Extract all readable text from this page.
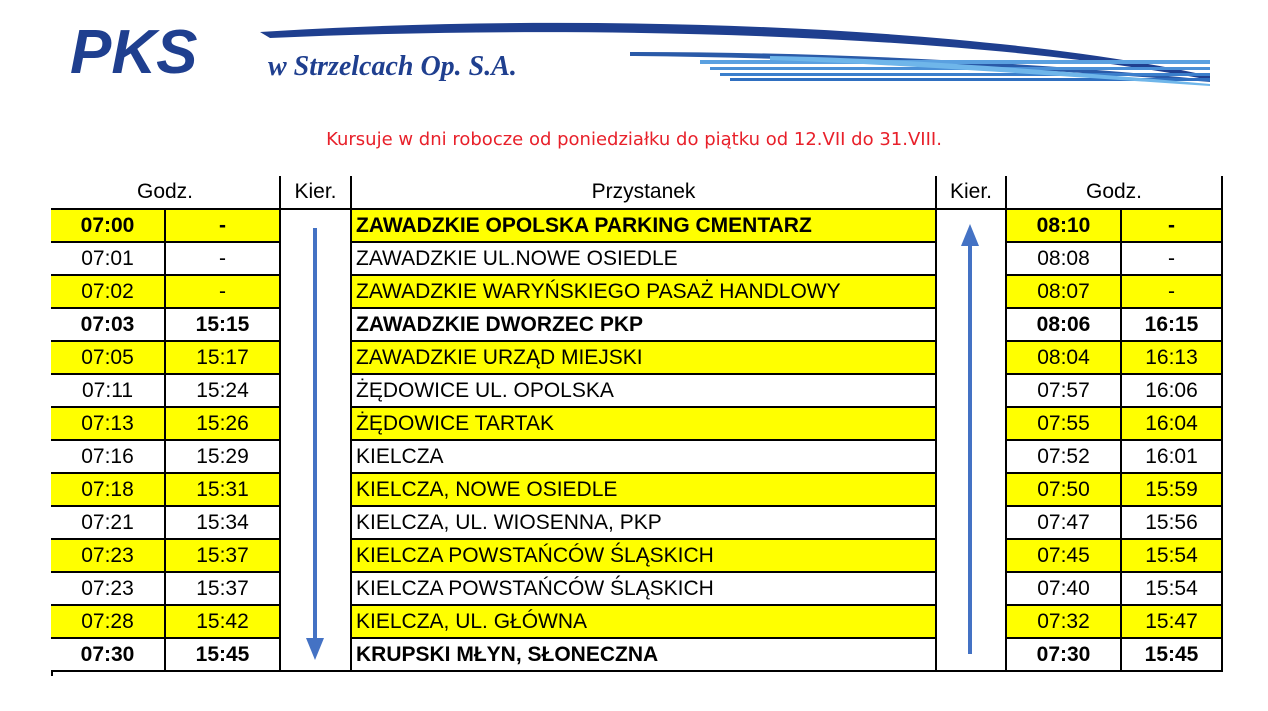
PKS	w Strzelcach Op. S.A.
Kursuje w dni robocze od poniedziałku do piątku od 12.VII do 31.VIII.
Godz.	Kier.	Przystanek	Kier.	Godz.
07:00	-	ZAWADZKIE OPOLSKA PARKING CMENTARZ	08:10	-
07:01	-	ZAWADZKIE UL.NOWE OSIEDLE	08:08	-
07:02	-	ZAWADZKIE WARYŃSKIEGO PASAŻ HANDLOWY	08:07	-
07:03	15:15	ZAWADZKIE DWORZEC PKP	08:06	16:15
07:05	15:17	ZAWADZKIE URZĄD MIEJSKI	08:04	16:13
07:11	15:24	ŻĘDOWICE UL. OPOLSKA	07:57	16:06
07:13	15:26	ŻĘDOWICE TARTAK	07:55	16:04
07:16	15:29	KIELCZA	07:52	16:01
07:18	15:31	KIELCZA, NOWE OSIEDLE	07:50	15:59
07:21	15:34	KIELCZA, UL. WIOSENNA, PKP	07:47	15:56
07:23	15:37	KIELCZA POWSTAŃCÓW ŚLĄSKICH	07:45	15:54
07:23	15:37	KIELCZA POWSTAŃCÓW ŚLĄSKICH	07:40	15:54
07:28	15:42	KIELCZA, UL. GŁÓWNA	07:32	15:47
07:30	15:45	KRUPSKI MŁYN, SŁONECZNA	07:30	15:45
